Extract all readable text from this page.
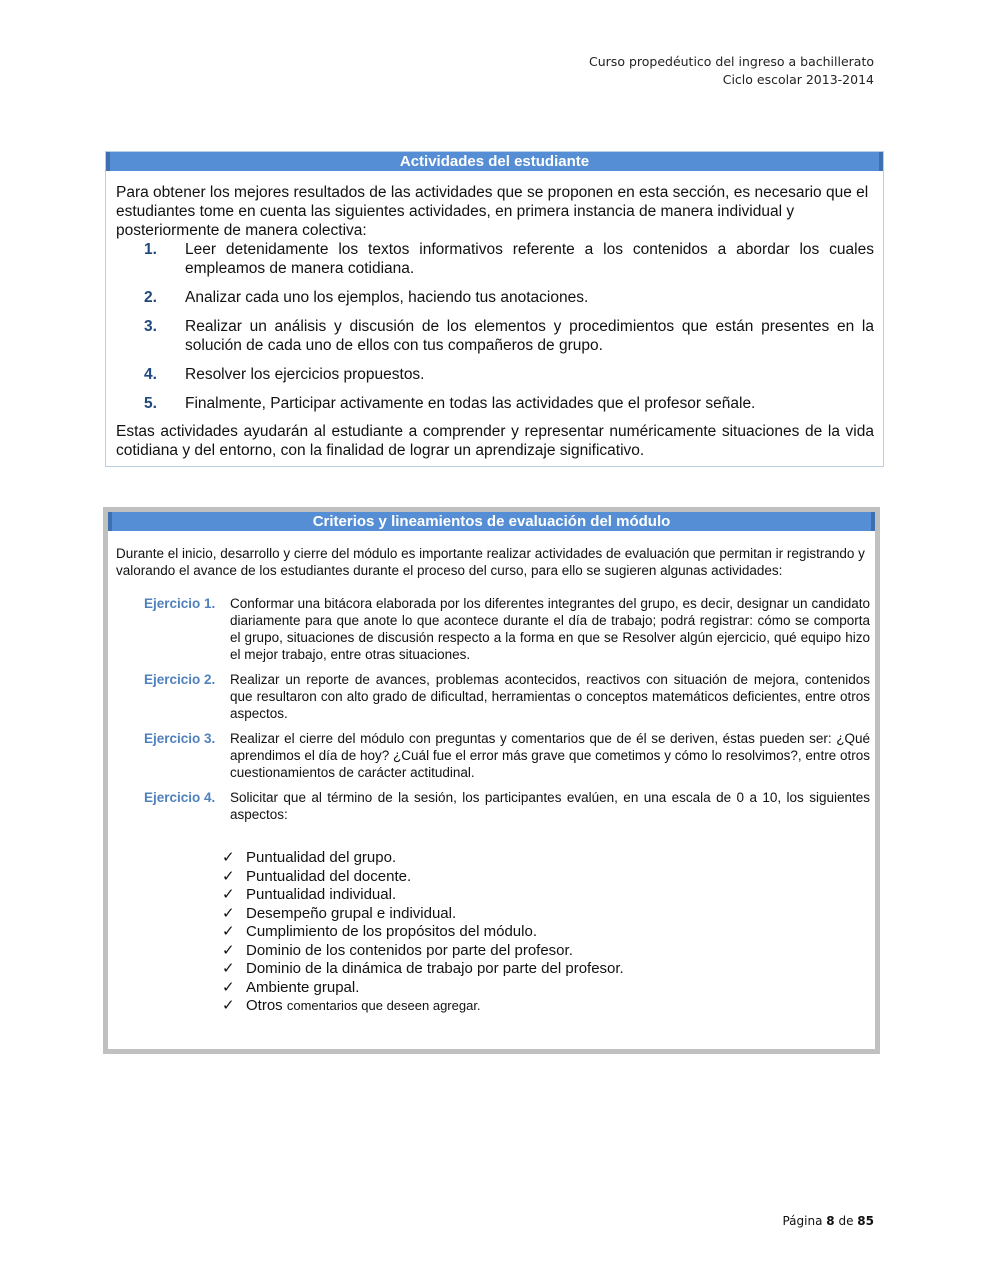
Curso propedéutico del ingreso a bachillerato
Ciclo escolar 2013-2014
Actividades del estudiante
Para obtener los mejores resultados de las actividades que se proponen en esta sección, es necesario que el estudiantes tome en cuenta las siguientes actividades, en primera instancia de manera individual y posteriormente de manera colectiva:
1.	Leer detenidamente los textos informativos referente a los contenidos a abordar los cuales empleamos de manera cotidiana.
2.	Analizar cada uno los ejemplos, haciendo tus anotaciones.
3.	Realizar un análisis y discusión de los elementos y procedimientos que están presentes en la solución de cada uno de ellos con tus compañeros de grupo.
4.	Resolver los ejercicios propuestos.
5.	Finalmente, Participar activamente en todas las actividades que el profesor señale.
Estas actividades ayudarán al estudiante a comprender y representar numéricamente situaciones de la vida cotidiana y del entorno, con la finalidad de lograr un aprendizaje significativo.
Criterios y lineamientos de evaluación del módulo
Durante el inicio, desarrollo y cierre del módulo es importante realizar actividades de evaluación que permitan ir registrando y valorando el avance de los estudiantes durante el proceso del curso, para ello se sugieren algunas actividades:
Ejercicio 1.	Conformar una bitácora elaborada por los diferentes integrantes del grupo, es decir, designar un candidato diariamente para que anote lo que acontece durante el día de trabajo; podrá registrar: cómo se comporta el grupo, situaciones de discusión respecto a la forma en que se Resolver algún ejercicio, qué equipo hizo el mejor trabajo, entre otras situaciones.
Ejercicio 2.	Realizar un reporte de avances, problemas acontecidos, reactivos con situación de mejora, contenidos que resultaron con alto grado de dificultad, herramientas o conceptos matemáticos deficientes, entre otros aspectos.
Ejercicio 3.	Realizar el cierre del módulo con preguntas y comentarios que de él se deriven, éstas pueden ser: ¿Qué aprendimos el día de hoy? ¿Cuál fue el error más grave que cometimos y cómo lo resolvimos?, entre otros cuestionamientos de carácter actitudinal.
Ejercicio 4.	Solicitar que al término de la sesión, los participantes evalúen, en una escala de 0 a 10, los siguientes aspectos:
✓ Puntualidad del grupo.
✓ Puntualidad del docente.
✓ Puntualidad individual.
✓ Desempeño grupal e individual.
✓ Cumplimiento de los propósitos del módulo.
✓ Dominio de los contenidos por parte del profesor.
✓ Dominio de la dinámica de trabajo por parte del profesor.
✓ Ambiente grupal.
✓ Otros comentarios que deseen agregar.
Página 8 de 85
